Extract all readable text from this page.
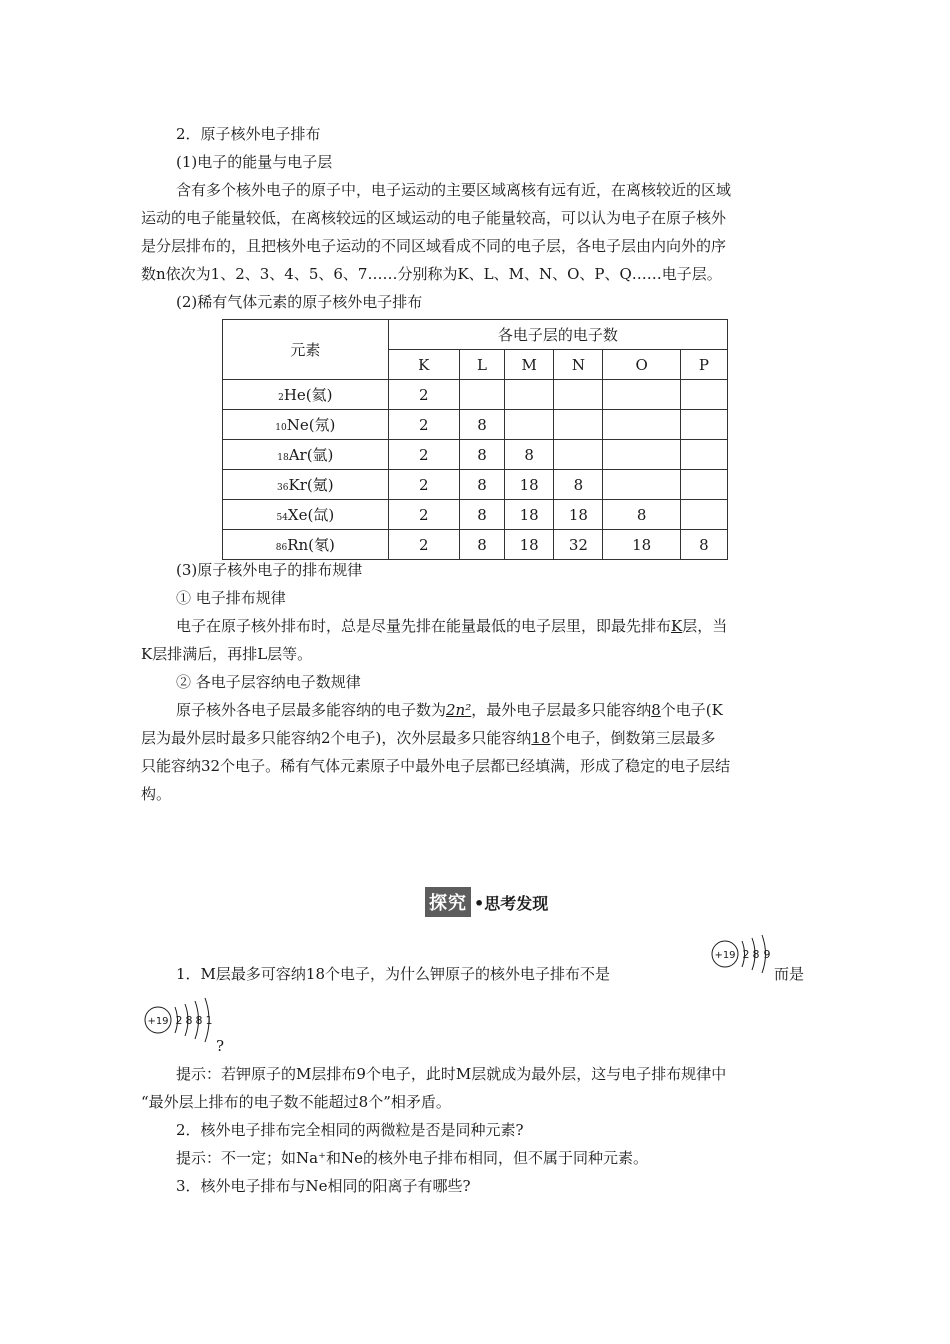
2．原子核外电子排布
(1)电子的能量与电子层
含有多个核外电子的原子中，电子运动的主要区域离核有远有近，在离核较近的区域
运动的电子能量较低，在离核较远的区域运动的电子能量较高，可以认为电子在原子核外
是分层排布的，且把核外电子运动的不同区域看成不同的电子层，各电子层由内向外的序
数n依次为1、2、3、4、5、6、7……分别称为K、L、M、N、O、P、Q……电子层。
(2)稀有气体元素的原子核外电子排布
元素	各电子层的电子数					
	K	L	M	N	O	P
2He(氦)	2					
10Ne(氖)	2	8				
18Ar(氩)	2	8	8			
36Kr(氪)	2	8	18	8		
54Xe(氙)	2	8	18	18	8	
86Rn(氡)	2	8	18	32	18	8
(3)原子核外电子的排布规律
① 电子排布规律
电子在原子核外排布时，总是尽量先排在能量最低的电子层里，即最先排布K层，当
K层排满后，再排L层等。
② 各电子层容纳电子数规律
原子核外各电子层最多能容纳的电子数为2n²，最外电子层最多只能容纳8个电子(K
层为最外层时最多只能容纳2个电子)，次外层最多只能容纳18个电子，倒数第三层最多
只能容纳32个电子。稀有气体元素原子中最外电子层都已经填满，形成了稳定的电子层结
构。
探究 •思考发现
1．M层最多可容纳18个电子，为什么钾原子的核外电子排布不是
+19 2 8 9
而是
+19 2 8 8 1
?
提示：若钾原子的M层排布9个电子，此时M层就成为最外层，这与电子排布规律中
“最外层上排布的电子数不能超过8个”相矛盾。
2．核外电子排布完全相同的两微粒是否是同种元素?
提示：不一定；如Na⁺和Ne的核外电子排布相同，但不属于同种元素。
3．核外电子排布与Ne相同的阳离子有哪些?
